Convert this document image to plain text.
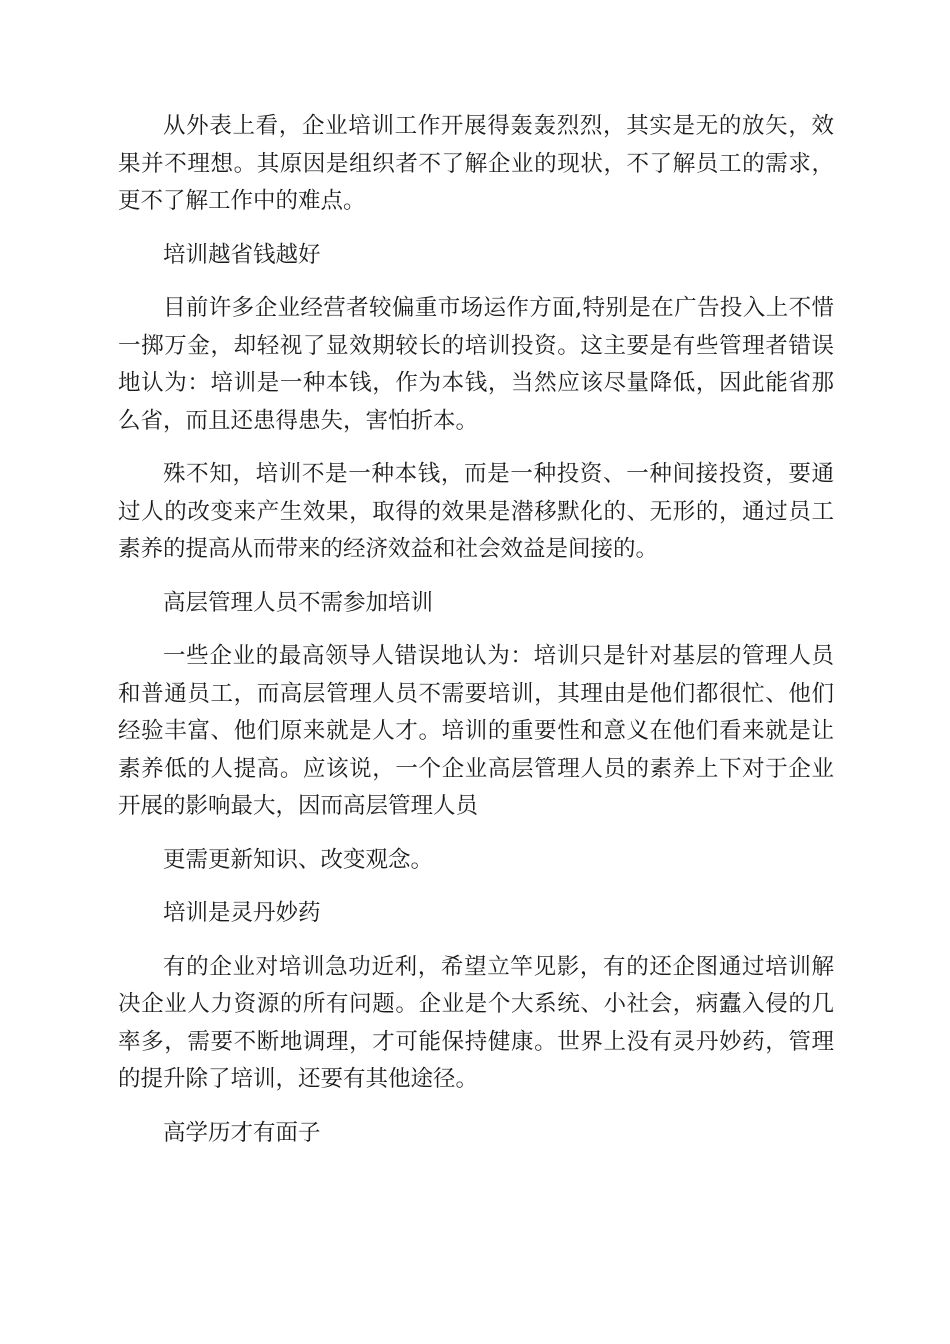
从外表上看，企业培训工作开展得轰轰烈烈，其实是无的放矢，效果并不理想。其原因是组织者不了解企业的现状，不了解员工的需求，更不了解工作中的难点。

培训越省钱越好

目前许多企业经营者较偏重市场运作方面,特别是在广告投入上不惜一掷万金，却轻视了显效期较长的培训投资。这主要是有些管理者错误地认为：培训是一种本钱，作为本钱，当然应该尽量降低，因此能省那么省，而且还患得患失，害怕折本。

殊不知，培训不是一种本钱，而是一种投资、一种间接投资，要通过人的改变来产生效果，取得的效果是潜移默化的、无形的，通过员工素养的提高从而带来的经济效益和社会效益是间接的。

高层管理人员不需参加培训

一些企业的最高领导人错误地认为：培训只是针对基层的管理人员和普通员工，而高层管理人员不需要培训，其理由是他们都很忙、他们经验丰富、他们原来就是人才。培训的重要性和意义在他们看来就是让素养低的人提高。应该说，一个企业高层管理人员的素养上下对于企业开展的影响最大，因而高层管理人员

更需更新知识、改变观念。

培训是灵丹妙药

有的企业对培训急功近利，希望立竿见影，有的还企图通过培训解决企业人力资源的所有问题。企业是个大系统、小社会，病蠹入侵的几率多，需要不断地调理，才可能保持健康。世界上没有灵丹妙药，管理的提升除了培训，还要有其他途径。

高学历才有面子
